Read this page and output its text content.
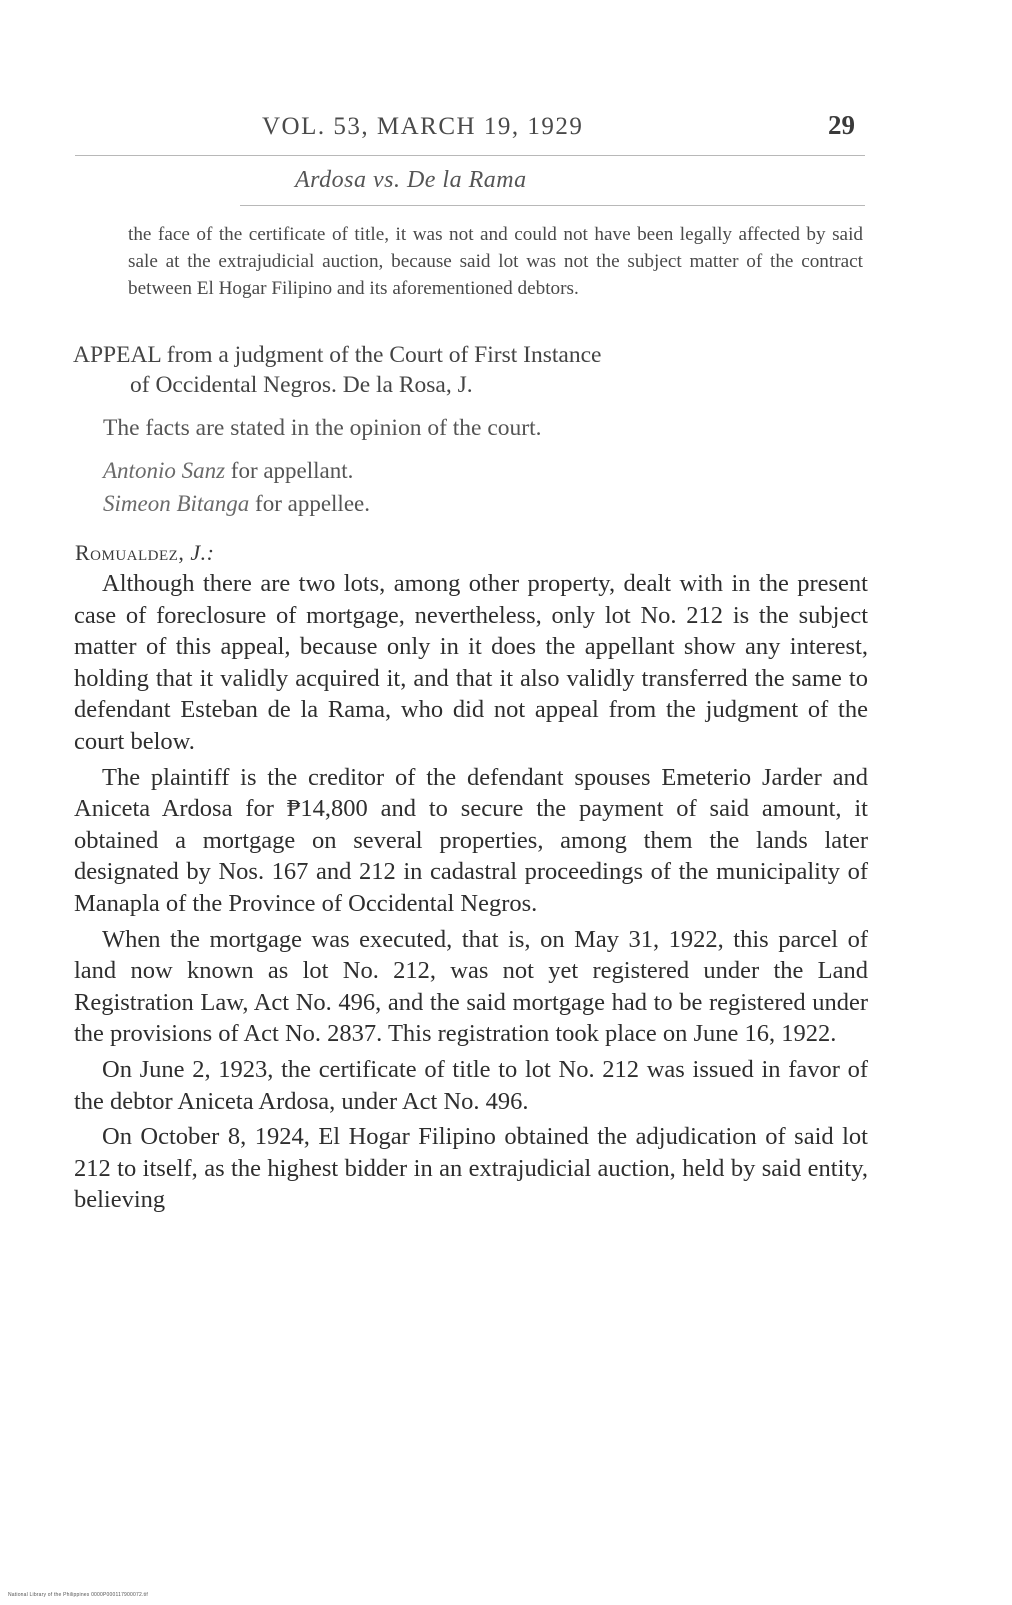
VOL. 53, MARCH 19, 1929	29
Ardosa vs. De la Rama
the face of the certificate of title, it was not and could not have been legally affected by said sale at the extrajudicial auction, because said lot was not the subject matter of the contract between El Hogar Filipino and its aforementioned debtors.
APPEAL from a judgment of the Court of First Instance
of Occidental Negros. De la Rosa, J.
The facts are stated in the opinion of the court.
Antonio Sanz for appellant.
Simeon Bitanga for appellee.
Romualdez, J.:

Although there are two lots, among other property, dealt with in the present case of foreclosure of mortgage, nevertheless, only lot No. 212 is the subject matter of this appeal, because only in it does the appellant show any interest, holding that it validly acquired it, and that it also validly transferred the same to defendant Esteban de la Rama, who did not appeal from the judgment of the court below.

The plaintiff is the creditor of the defendant spouses Emeterio Jarder and Aniceta Ardosa for ₱14,800 and to secure the payment of said amount, it obtained a mortgage on several properties, among them the lands later designated by Nos. 167 and 212 in cadastral proceedings of the municipality of Manapla of the Province of Occidental Negros.

When the mortgage was executed, that is, on May 31, 1922, this parcel of land now known as lot No. 212, was not yet registered under the Land Registration Law, Act No. 496, and the said mortgage had to be registered under the provisions of Act No. 2837. This registration took place on June 16, 1922.

On June 2, 1923, the certificate of title to lot No. 212 was issued in favor of the debtor Aniceta Ardosa, under Act No. 496.

On October 8, 1924, El Hogar Filipino obtained the adjudication of said lot 212 to itself, as the highest bidder in an extrajudicial auction, held by said entity, believing

National Library of the Philippines 0000P000117900072.tif
